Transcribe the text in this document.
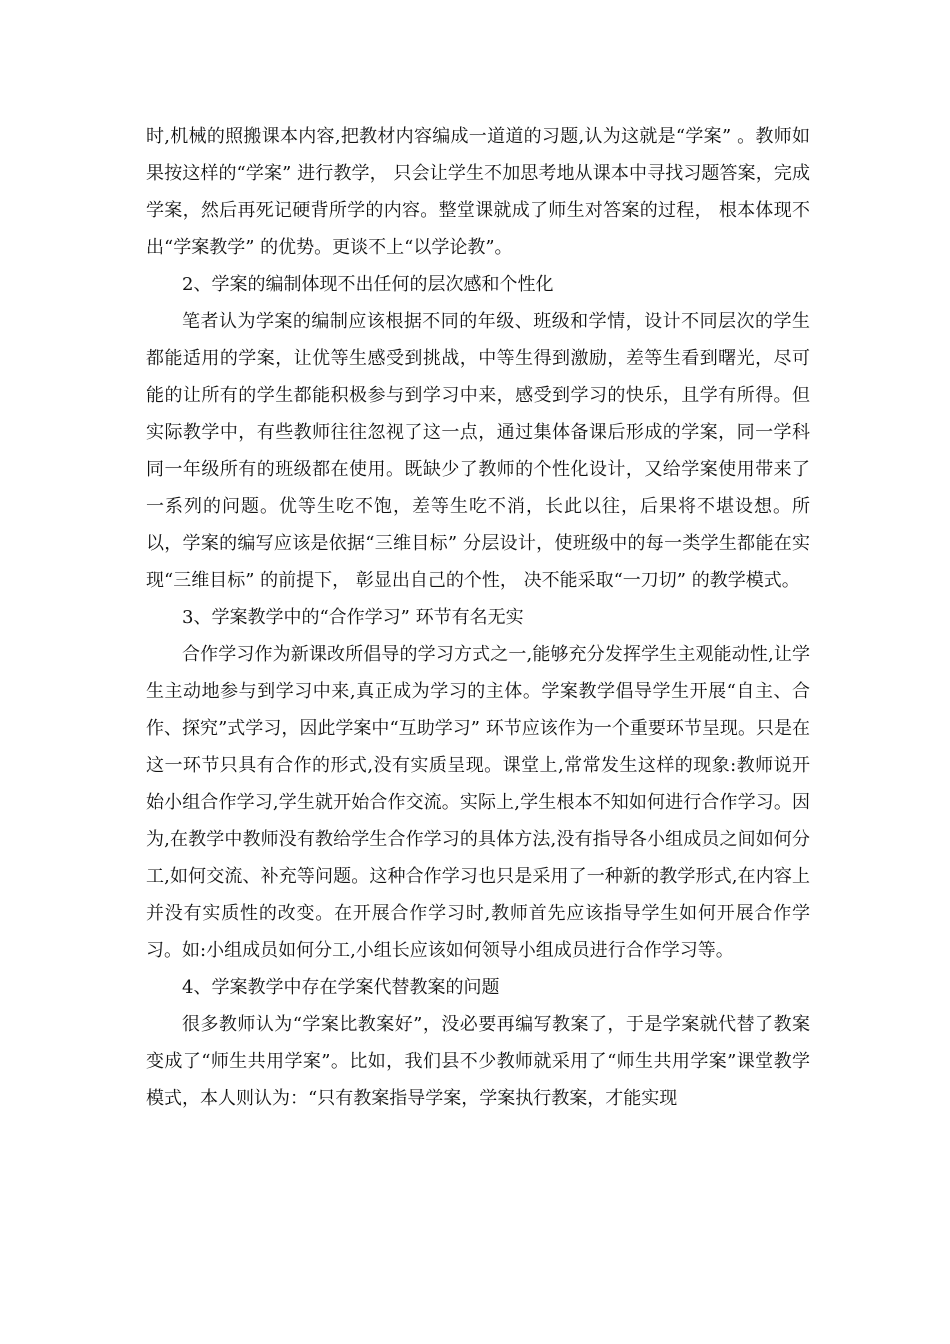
时,机械的照搬课本内容,把教材内容编成一道道的习题,认为这就是“学案” 。教师如果按这样的“学案” 进行教学， 只会让学生不加思考地从课本中寻找习题答案，完成学案，然后再死记硬背所学的内容。整堂课就成了师生对答案的过程， 根本体现不出“学案教学” 的优势。更谈不上“以学论教”。

2、学案的编制体现不出任何的层次感和个性化

笔者认为学案的编制应该根据不同的年级、班级和学情，设计不同层次的学生都能适用的学案，让优等生感受到挑战，中等生得到激励，差等生看到曙光，尽可能的让所有的学生都能积极参与到学习中来，感受到学习的快乐，且学有所得。但实际教学中，有些教师往往忽视了这一点，通过集体备课后形成的学案，同一学科同一年级所有的班级都在使用。既缺少了教师的个性化设计，又给学案使用带来了一系列的问题。优等生吃不饱，差等生吃不消，长此以往，后果将不堪设想。所以，学案的编写应该是依据“三维目标” 分层设计，使班级中的每一类学生都能在实现“三维目标” 的前提下， 彰显出自己的个性， 决不能采取“一刀切” 的教学模式。

3、学案教学中的“合作学习” 环节有名无实

合作学习作为新课改所倡导的学习方式之一,能够充分发挥学生主观能动性,让学生主动地参与到学习中来,真正成为学习的主体。学案教学倡导学生开展“自主、合作、探究”式学习，因此学案中“互助学习” 环节应该作为一个重要环节呈现。只是在这一环节只具有合作的形式,没有实质呈现。课堂上,常常发生这样的现象:教师说开始小组合作学习,学生就开始合作交流。实际上,学生根本不知如何进行合作学习。因为,在教学中教师没有教给学生合作学习的具体方法,没有指导各小组成员之间如何分工,如何交流、补充等问题。这种合作学习也只是采用了一种新的教学形式,在内容上并没有实质性的改变。在开展合作学习时,教师首先应该指导学生如何开展合作学习。如:小组成员如何分工,小组长应该如何领导小组成员进行合作学习等。

4、学案教学中存在学案代替教案的问题

很多教师认为“学案比教案好”，没必要再编写教案了，于是学案就代替了教案变成了“师生共用学案”。比如，我们县不少教师就采用了“师生共用学案”课堂教学模式，本人则认为：“只有教案指导学案，学案执行教案，才能实现
